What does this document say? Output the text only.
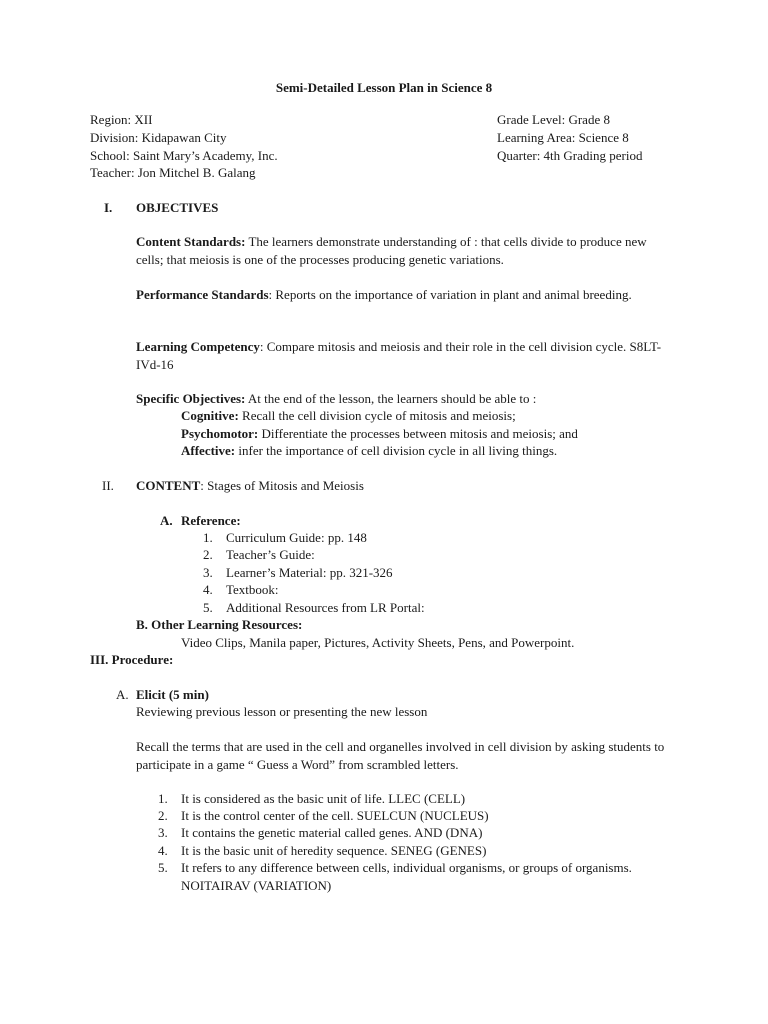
Semi-Detailed Lesson Plan in Science 8
Region: XII
Division: Kidapawan City
School: Saint Mary’s Academy, Inc.
Teacher: Jon Mitchel B. Galang
Grade Level: Grade 8
Learning Area: Science 8
Quarter: 4th Grading period
I. OBJECTIVES
Content Standards: The learners demonstrate understanding of : that cells divide to produce new cells; that meiosis is one of the processes producing genetic variations.
Performance Standards: Reports on the importance of variation in plant and animal breeding.
Learning Competency: Compare mitosis and meiosis and their role in the cell division cycle. S8LT-IVd-16
Specific Objectives: At the end of the lesson, the learners should be able to :
Cognitive: Recall the cell division cycle of mitosis and meiosis;
Psychomotor: Differentiate the processes between mitosis and meiosis; and
Affective: infer the importance of cell division cycle in all living things.
II. CONTENT: Stages of Mitosis and Meiosis
A. Reference:
1. Curriculum Guide: pp. 148
2. Teacher’s Guide:
3. Learner’s Material: pp. 321-326
4. Textbook:
5. Additional Resources from LR Portal:
B. Other Learning Resources:
Video Clips, Manila paper, Pictures, Activity Sheets, Pens, and Powerpoint.
III. Procedure:
A. Elicit (5 min)
Reviewing previous lesson or presenting the new lesson
Recall the terms that are used in the cell and organelles involved in cell division by asking students to participate in a game “ Guess a Word” from scrambled letters.
1. It is considered as the basic unit of life. LLEC (CELL)
2. It is the control center of the cell. SUELCUN (NUCLEUS)
3. It contains the genetic material called genes. AND (DNA)
4. It is the basic unit of heredity sequence. SENEG (GENES)
5. It refers to any difference between cells, individual organisms, or groups of organisms. NOITAIRAV (VARIATION)
